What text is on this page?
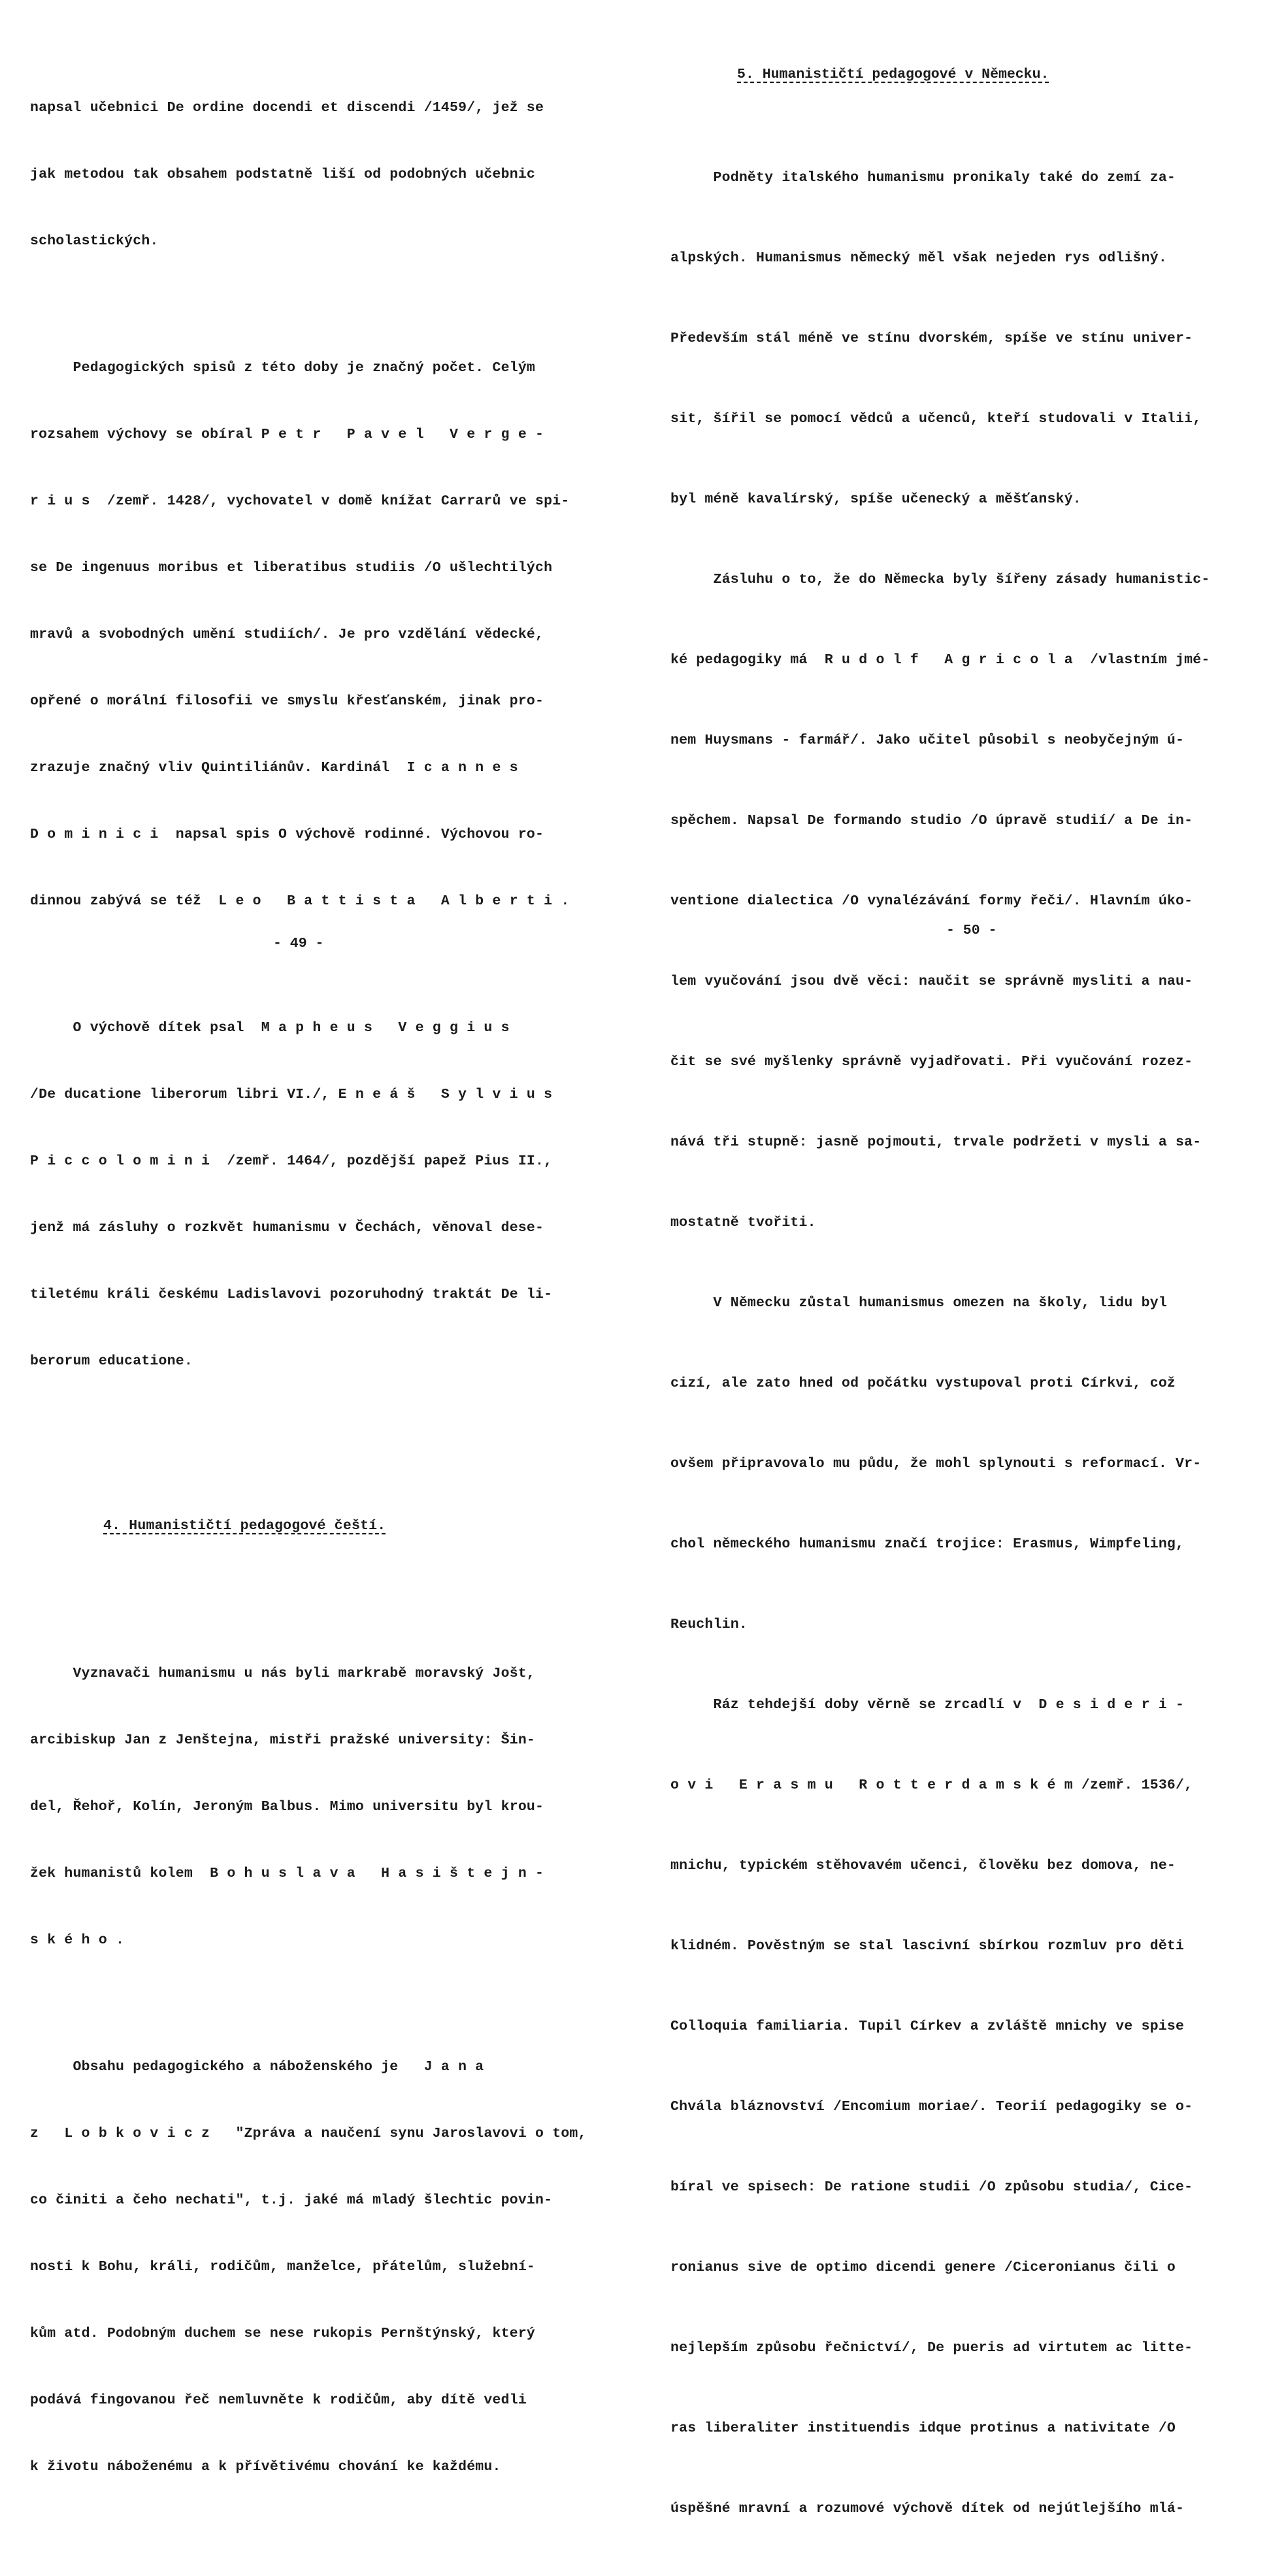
napsal učebnici De ordine docendi et discendi /1459/, jež se

jak metodou tak obsahem podstatně liší od podobných učebnic

scholastických.

Pedagogických spisů z této doby je značný počet. Celým

rozsahem výchovy se obíral P e t r   P a v e l   V e r g e -

r i u s  /zemř. 1428/, vychovatel v domě knížat Carrarů ve spi-

se De ingenuus moribus et liberatibus studiis /O ušlechtilých

mravů a svobodných umění studiích/. Je pro vzdělání vědecké,

opřené o morální filosofii ve smyslu křesťanském, jinak pro-

zrazuje značný vliv Quintiliánův. Kardinál  I c a n n e s

D o m i n i c i  napsal spis O výchově rodinné. Výchovou ro-

dinnou zabývá se též  L e o   B a t t i s t a   A l b e r t i .

O výchově dítek psal  M a p h e u s   V e g g i u s

/De ducatione liberorum libri VI./, E n e á š   S y l v i u s

P i c c o l o m i n i  /zemř. 1464/, pozdější papež Pius II.,

jenž má zásluhy o rozkvět humanismu v Čechách, věnoval dese-

tiletému králi českému Ladislavovi pozoruhodný traktát De li-

berorum educatione.

4. Humanističtí pedagogové čeští.

Vyznavači humanismu u nás byli markrabě moravský Jošt,

arcibiskup Jan z Jenštejna, mistři pražské university: Šin-

del, Řehoř, Kolín, Jeroným Balbus. Mimo universitu byl krou-

žek humanistů kolem  B o h u s l a v a   H a s i š t e j n -

s k é h o .

Obsahu pedagogického a náboženského je   J a n a

z   L o b k o v i c z   "Zpráva a naučení synu Jaroslavovi o tom,

co činiti a čeho nechati", t.j. jaké má mladý šlechtic povin-

nosti k Bohu, králi, rodičům, manželce, přátelům, služební-

kům atd. Podobným duchem se nese rukopis Pernštýnský, který

podává fingovanou řeč nemluvněte k rodičům, aby dítě vedli

k životu náboženému a k přívětivému chování ke každému.

- 49 -
5. Humanističtí pedagogové v Německu.

Podněty italského humanismu pronikaly také do zemí za-

alpských. Humanismus německý měl však nejeden rys odlišný.

Především stál méně ve stínu dvorském, spíše ve stínu univer-

sit, šířil se pomocí vědců a učenců, kteří studovali v Italii,

byl méně kavalírský, spíše učenecký a měšťanský.

Zásluhu o to, že do Německa byly šířeny zásady humanistic-

ké pedagogiky má  R u d o l f   A g r i c o l a  /vlastním jmé-

nem Huysmans - farmář/. Jako učitel působil s neobyčejným ú-

spěchem. Napsal De formando studio /O úpravě studií/ a De in-

ventione dialectica /O vynalézávání formy řeči/. Hlavním úko-

lem vyučování jsou dvě věci: naučit se správně mysliti a nau-

čit se své myšlenky správně vyjadřovati. Při vyučování rozez-

nává tři stupně: jasně pojmouti, trvale podržeti v mysli a sa-

mostatně tvořiti.

V Německu zůstal humanismus omezen na školy, lidu byl

cizí, ale zato hned od počátku vystupoval proti Církvi, což

ovšem připravovalo mu půdu, že mohl splynouti s reformací. Vr-

chol německého humanismu značí trojice: Erasmus, Wimpfeling,

Reuchlin.

Ráz tehdejší doby věrně se zrcadlí v  D e s i d e r i -

o v i   E r a s m u   R o t t e r d a m s k é m /zemř. 1536/,

mnichu, typickém stěhovavém učenci, člověku bez domova, ne-

klidném. Pověstným se stal lascivní sbírkou rozmluv pro děti

Colloquia familiaria. Tupil Církev a zvláště mnichy ve spise

Chvála bláznovství /Encomium moriae/. Teorií pedagogiky se o-

bíral ve spisech: De ratione studii /O způsobu studia/, Cice-

ronianus sive de optimo dicendi genere /Ciceronianus čili o

nejlepším způsobu řečnictví/, De pueris ad virtutem ac litte-

ras liberaliter instituendis idque protinus a nativitate /O

úspěšné mravní a rozumové výchově dítek od nejútlejšího mlá-

- 50 -
